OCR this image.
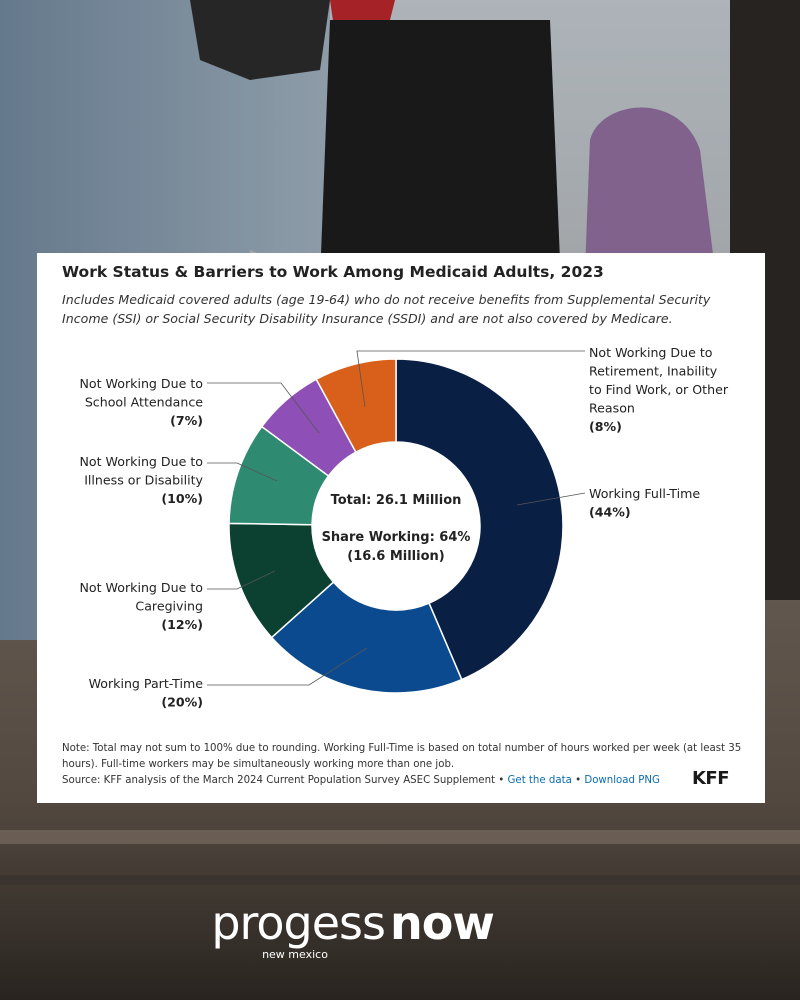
Working Full-Time (44%)
Working Part-Time (20%)
Not Working Due to Caregiving (12%)
Not Working Due to Illness or Disability (10%)
Not Working Due to School Attendance (7%)
Not Working Due to Retirement, Inability to Find Work, or Other Reason (8%)
Total: 26.1 Million
Share Working: 64%
(16.6 Million)
Work Status & Barriers to Work Among Medicaid Adults, 2023

Includes Medicaid covered adults (age 19-64) who do not receive benefits from Supplemental Security Income (SSI) or Social Security Disability Insurance (SSDI) and are not also covered by Medicare.

Note: Total may not sum to 100% due to rounding. Working Full-Time is based on total number of hours worked per week (at least 35 hours). Full-time workers may be simultaneously working more than one job.

Source: KFF analysis of the March 2024 Current Population Survey ASEC Supplement • Get the data • Download PNG	KFF
progess now
new mexico
